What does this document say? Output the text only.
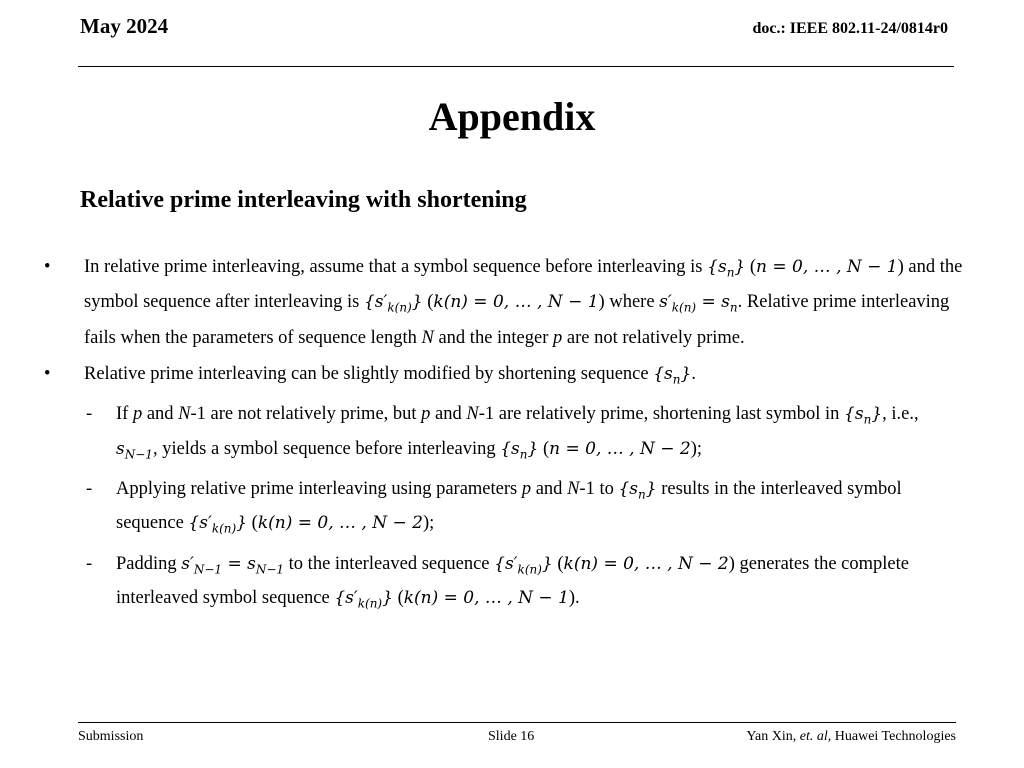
May 2024	doc.: IEEE 802.11-24/0814r0
Appendix
Relative prime interleaving with shortening
• In relative prime interleaving, assume that a symbol sequence before interleaving is $\{s_n\} (n = 0$, … , N − 1) and the symbol sequence after interleaving is $\{s'_{k(n)}\} (k(n) = 0$, … , N − 1) where $s'_{k(n)} = s_n$. Relative prime interleaving fails when the parameters of sequence length N and the integer p are not relatively prime.
• Relative prime interleaving can be slightly modified by shortening sequence $\{s_n\}$.
- If p and N-1 are not relatively prime, but p and N-1 are relatively prime, shortening last symbol in $\{s_n\}$, i.e., $s_{N-1}$, yields a symbol sequence before interleaving $\{s_n\} (n = 0$, … , N − 2);
- Applying relative prime interleaving using parameters p and N-1 to $\{s_n\}$ results in the interleaved symbol sequence $\{s'_{k(n)}\} (k(n) = 0$, … , N − 2);
- Padding $s'_{N-1} = s_{N-1}$ to the interleaved sequence $\{s'_{k(n)}\} (k(n) = 0$, … , N − 2) generates the complete interleaved symbol sequence $\{s'_{k(n)}\} (k(n) = 0$, … , N − 1).
Submission	Slide 16	Yan Xin, et. al, Huawei Technologies
